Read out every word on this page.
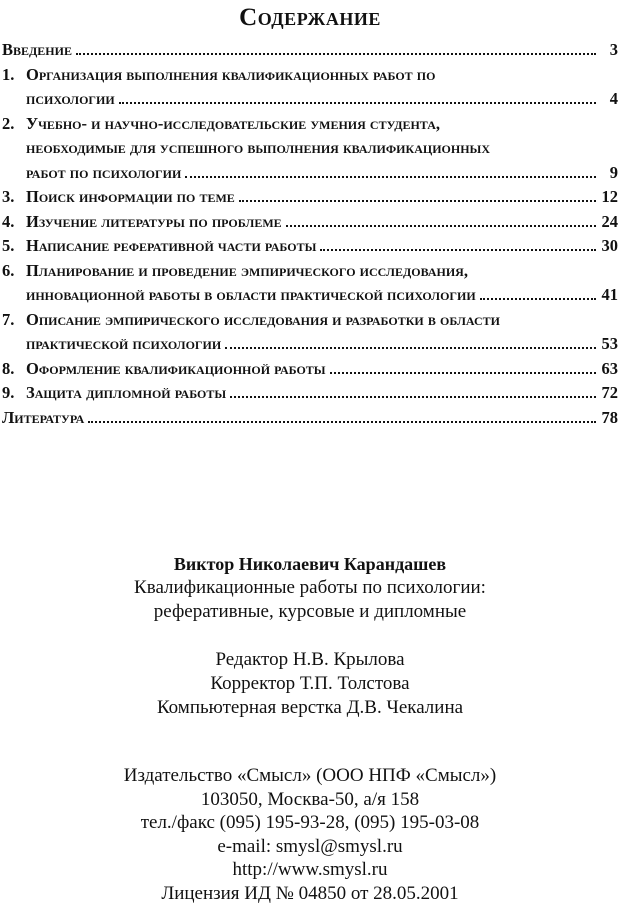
Содержание
Введение	3
1. Организация выполнения квалификационных работ по
психологии	4
2. Учебно- и научно-исследовательские умения студента,
необходимые для успешного выполнения квалификационных
работ по психологии	9
3. Поиск информации по теме	12
4. Изучение литературы по проблеме	24
5. Написание реферативной части работы	30
6. Планирование и проведение эмпирического исследования,
инновационной работы в области практической психологии	41
7. Описание эмпирического исследования и разработки в области
практической психологии	53
8. Оформление квалификационной работы	63
9. Защита дипломной работы	72
Литература	78
Виктор Николаевич Карандашев
Квалификационные работы по психологии:
реферативные, курсовые и дипломные
Редактор Н.В. Крылова
Корректор Т.П. Толстова
Компьютерная верстка Д.В. Чекалина
Издательство «Смысл» (ООО НПФ «Смысл»)
103050, Москва-50, а/я 158
тел./факс (095) 195-93-28, (095) 195-03-08
e-mail: smysl@smysl.ru
http://www.smysl.ru
Лицензия ИД № 04850 от 28.05.2001
